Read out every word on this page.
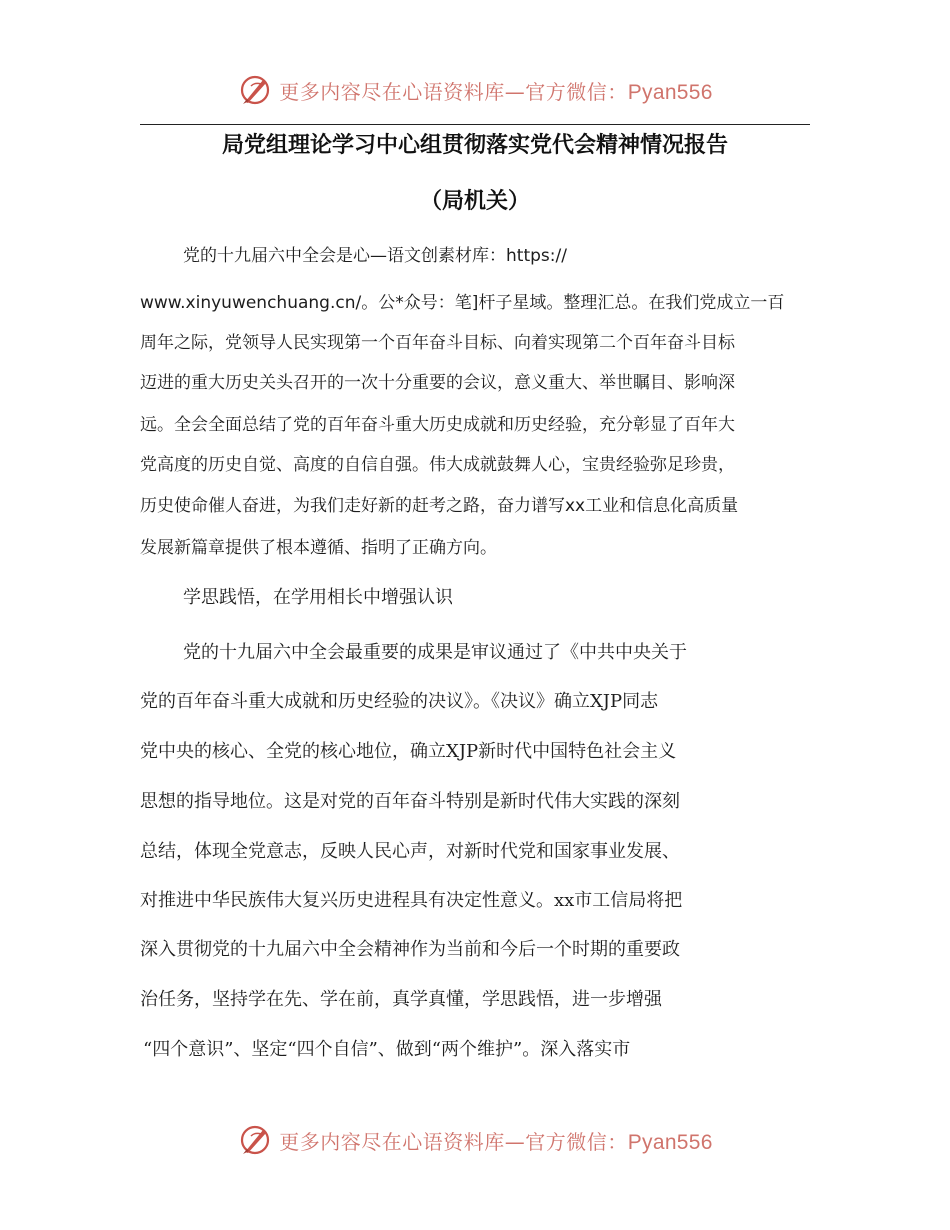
更多内容尽在心语资料库—官方微信：Pyan556
局党组理论学习中心组贯彻落实党代会精神情况报告
（局机关）
党的十九届六中全会是心—语文创素材库：https://
www.xinyuwenchuang.cn/。公*众号：笔]杆子星域。整理汇总。在我们党成立一百
周年之际，党领导人民实现第一个百年奋斗目标、向着实现第二个百年奋斗目标
迈进的重大历史关头召开的一次十分重要的会议，意义重大、举世瞩目、影响深
远。全会全面总结了党的百年奋斗重大历史成就和历史经验，充分彰显了百年大
党高度的历史自觉、高度的自信自强。伟大成就鼓舞人心，宝贵经验弥足珍贵，
历史使命催人奋进，为我们走好新的赶考之路，奋力谱写xx工业和信息化高质量
发展新篇章提供了根本遵循、指明了正确方向。
学思践悟，在学用相长中增强认识
党的十九届六中全会最重要的成果是审议通过了《中共中央关于
党的百年奋斗重大成就和历史经验的决议》。《决议》确立XJP同志
党中央的核心、全党的核心地位，确立XJP新时代中国特色社会主义
思想的指导地位。这是对党的百年奋斗特别是新时代伟大实践的深刻
总结，体现全党意志，反映人民心声，对新时代党和国家事业发展、
对推进中华民族伟大复兴历史进程具有决定性意义。xx市工信局将把
深入贯彻党的十九届六中全会精神作为当前和今后一个时期的重要政
治任务，坚持学在先、学在前，真学真懂，学思践悟，进一步增强
“四个意识”、坚定“四个自信”、做到“两个维护”。深入落实市
更多内容尽在心语资料库—官方微信：Pyan556
